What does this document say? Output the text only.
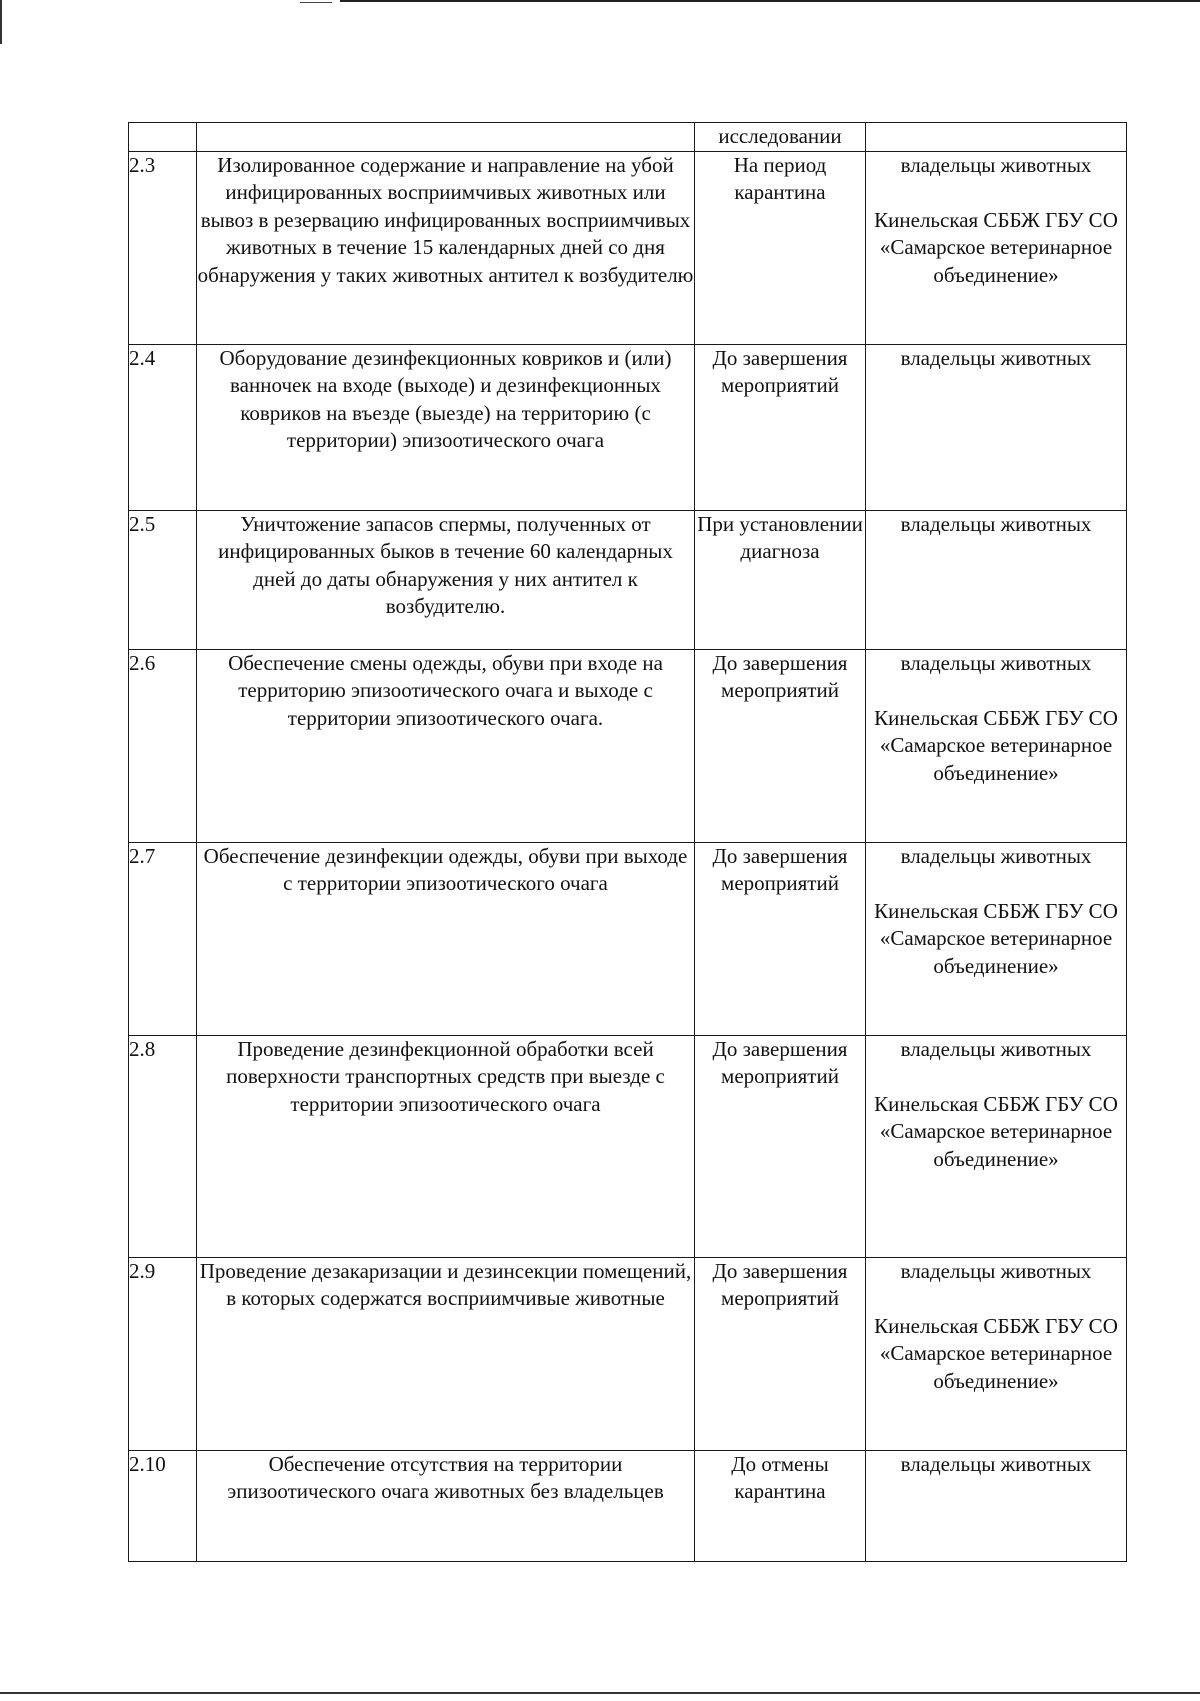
		исследовании	
2.3	Изолированное содержание и направление на убой инфицированных восприимчивых животных или вывоз в резервацию инфицированных восприимчивых животных в течение 15 календарных дней со дня обнаружения у таких животных антител к возбудителю	На период карантина	владельцы животных
Кинельская СББЖ ГБУ СО «Самарское ветеринарное объединение»

2.4	Оборудование дезинфекционных ковриков и (или) ванночек на входе (выходе) и дезинфекционных ковриков на въезде (выезде) на территорию (с территории) эпизоотического очага	До завершения мероприятий	владельцы животных

2.5	Уничтожение запасов спермы, полученных от инфицированных быков в течение 60 календарных дней до даты обнаружения у них антител к возбудителю.	При установлении диагноза	владельцы животных

2.6	Обеспечение смены одежды, обуви при входе на территорию эпизоотического очага и выходе с территории эпизоотического очага.	До завершения мероприятий	владельцы животных
Кинельская СББЖ ГБУ СО «Самарское ветеринарное объединение»

2.7	Обеспечение дезинфекции одежды, обуви при выходе с территории эпизоотического очага	До завершения мероприятий	владельцы животных
Кинельская СББЖ ГБУ СО «Самарское ветеринарное объединение»

2.8	Проведение дезинфекционной обработки всей поверхности транспортных средств при выезде с территории эпизоотического очага	До завершения мероприятий	владельцы животных
Кинельская СББЖ ГБУ СО «Самарское ветеринарное объединение»

2.9	Проведение дезакаризации и дезинсекции помещений, в которых содержатся восприимчивые животные	До завершения мероприятий	владельцы животных
Кинельская СББЖ ГБУ СО «Самарское ветеринарное объединение»

2.10	Обеспечение отсутствия на территории эпизоотического очага животных без владельцев	До отмены карантина	владельцы животных
